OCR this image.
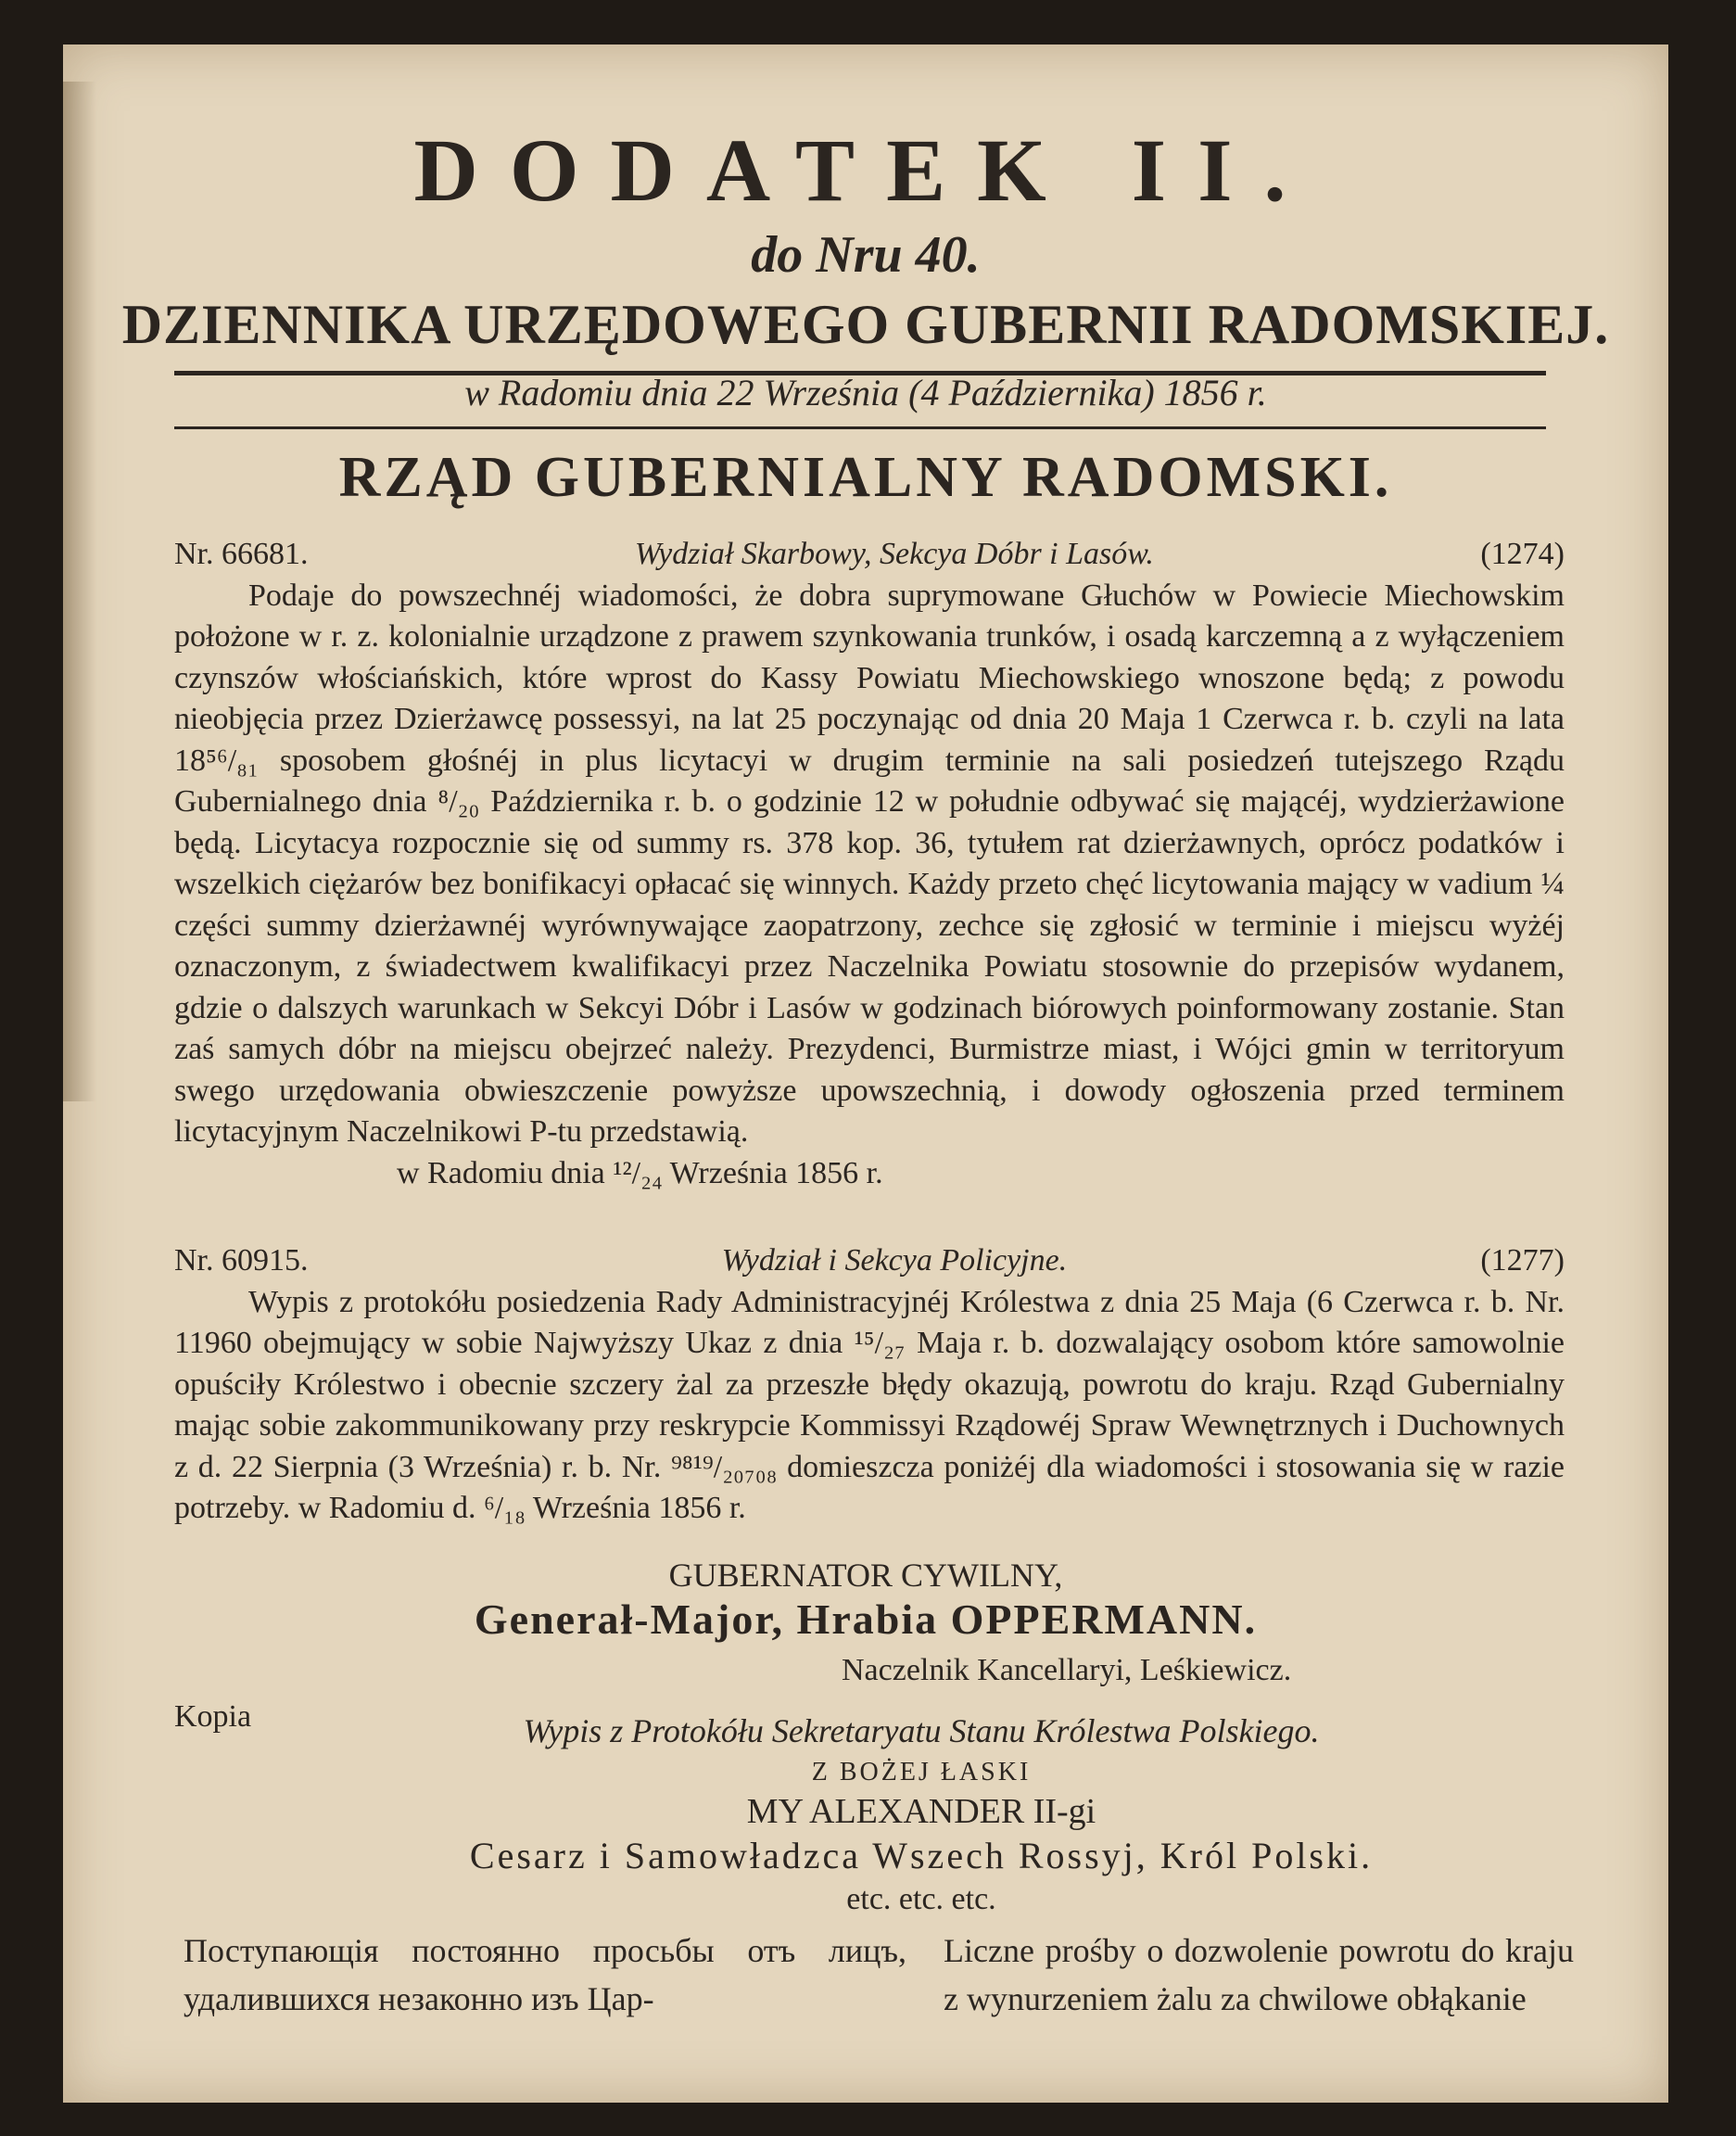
DODATEK II.
do Nru 40.
DZIENNIKA URZĘDOWEGO GUBERNII RADOMSKIEJ.
w Radomiu dnia 22 Września (4 Października) 1856 r.
RZĄD GUBERNIALNY RADOMSKI.
Nr. 66681.	Wydział Skarbowy, Sekcya Dóbr i Lasów.	(1274)
Podaje do powszechnéj wiadomości, że dobra suprymowane Głuchów w Powiecie Miechowskim położone w r. z. kolonialnie urządzone z prawem szynkowania trunków, i osadą karczemną a z wyłączeniem czynszów włościańskich, które wprost do Kassy Powiatu Miechowskiego wnoszone będą; z powodu nieobjęcia przez Dzierżawcę possessyi, na lat 25 poczynając od dnia 20 Maja 1 Czerwca r. b. czyli na lata 18⁵⁶/₈₁ sposobem głośnéj in plus licytacyi w drugim terminie na sali posiedzeń tutejszego Rządu Gubernialnego dnia ⁸/₂₀ Października r. b. o godzinie 12 w południe odbywać się mającéj, wydzierżawione będą. Licytacya rozpocznie się od summy rs. 378 kop. 36, tytułem rat dzierżawnych, oprócz podatków i wszelkich ciężarów bez bonifikacyi opłacać się winnych. Każdy przeto chęć licytowania mający w vadium ¼ części summy dzierżawnéj wyrównywające zaopatrzony, zechce się zgłosić w terminie i miejscu wyżéj oznaczonym, z świadectwem kwalifikacyi przez Naczelnika Powiatu stosownie do przepisów wydanem, gdzie o dalszych warunkach w Sekcyi Dóbr i Lasów w godzinach biórowych poinformowany zostanie. Stan zaś samych dóbr na miejscu obejrzeć należy. Prezydenci, Burmistrze miast, i Wójci gmin w territoryum swego urzędowania obwieszczenie powyższe upowszechnią, i dowody ogłoszenia przed terminem licytacyjnym Naczelnikowi P-tu przedstawią.
w Radomiu dnia ¹²/₂₄ Września 1856 r.
Nr. 60915.	Wydział i Sekcya Policyjne.	(1277)
Wypis z protokółu posiedzenia Rady Administracyjnéj Królestwa z dnia 25 Maja (6 Czerwca r. b. Nr. 11960 obejmujący w sobie Najwyższy Ukaz z dnia ¹⁵/₂₇ Maja r. b. dozwalający osobom które samowolnie opuściły Królestwo i obecnie szczery żal za przeszłe błędy okazują, powrotu do kraju. Rząd Gubernialny mając sobie zakommunikowany przy reskrypcie Kommissyi Rządowéj Spraw Wewnętrznych i Duchownych z d. 22 Sierpnia (3 Września) r. b. Nr. ⁹⁸¹⁹/₂₀₇₀₈ domieszcza poniżéj dla wiadomości i stosowania się w razie potrzeby. w Radomiu d. ⁶/₁₈ Września 1856 r.
GUBERNATOR CYWILNY,
Generał-Major, Hrabia OPPERMANN.
Naczelnik Kancellaryi, Leśkiewicz.
Kopia	Wypis z Protokółu Sekretaryatu Stanu Królestwa Polskiego.
Z BOŻEJ ŁASKI
MY ALEXANDER II-gi
Cesarz i Samowładzca Wszech Rossyj, Król Polski.
etc. etc. etc.
Поступающія постоянно просьбы отъ лицъ, удалившихся незаконно изъ Цар-
Liczne prośby o dozwolenie powrotu do kraju z wynurzeniem żalu za chwilowe obłąkanie
